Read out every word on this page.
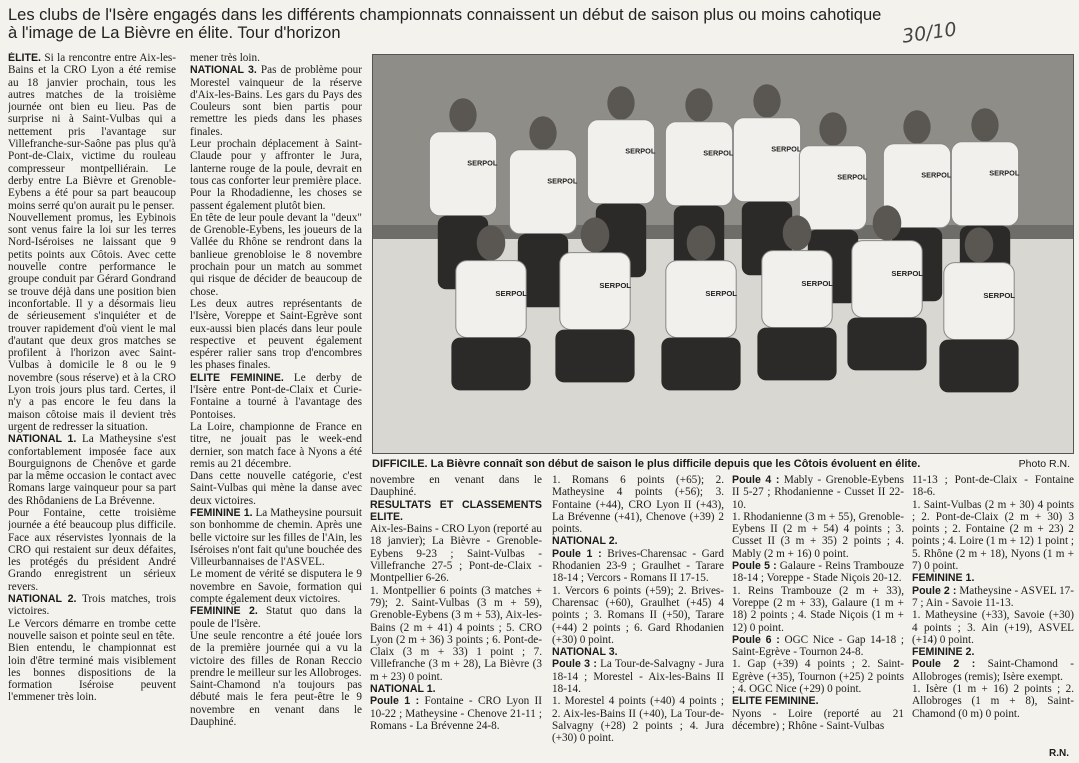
Les clubs de l'Isère engagés dans les différents championnats connaissent un début de saison plus ou moins cahotique
à l'image de La Bièvre en élite. Tour d'horizon	30/10

ÉLITE. Si la rencontre entre Aix-les-Bains et la CRO Lyon a été remise au 18 janvier prochain, tous les autres matches de la troisième journée ont bien eu lieu. Pas de surprise ni à Saint-Vulbas qui a nettement pris l'avantage sur Villefranche-sur-Saône pas plus qu'à Pont-de-Claix, victime du rouleau compresseur montpelliérain. Le derby entre La Bièvre et Grenoble-Eybens a été pour sa part beaucoup moins serré qu'on aurait pu le penser.

Nouvellement promus, les Eybinois sont venus faire la loi sur les terres Nord-Iséroises ne laissant que 9 petits points aux Côtois. Avec cette nouvelle contre performance le groupe conduit par Gérard Gondrand se trouve déjà dans une position bien inconfortable. Il y a désormais lieu de sérieusement s'inquiéter et de trouver rapidement d'où vient le mal d'autant que deux gros matches se profilent à l'horizon avec Saint-Vulbas à domicile le 8 ou le 9 novembre (sous réserve) et à la CRO Lyon trois jours plus tard. Certes, il n'y a pas encore le feu dans la maison côtoise mais il devient très urgent de redresser la situation.

NATIONAL 1. La Matheysine s'est confortablement imposée face aux Bourguignons de Chenôve et garde par la même occasion le contact avec Romans large vainqueur pour sa part des Rhôdaniens de La Brévenne.

Pour Fontaine, cette troisième journée a été beaucoup plus difficile. Face aux réservistes lyonnais de la CRO qui restaient sur deux défaites, les protégés du président André Grando enregistrent un sérieux revers.

NATIONAL 2. Trois matches, trois victoires.

Le Vercors démarre en trombe cette nouvelle saison et pointe seul en tête.

Bien entendu, le championnat est loin d'être terminé mais visiblement les bonnes dispositions de la formation Iséroise peuvent l'emmener très loin.

mener très loin.

NATIONAL 3. Pas de problème pour Morestel vainqueur de la réserve d'Aix-les-Bains. Les gars du Pays des Couleurs sont bien partis pour remettre les pieds dans les phases finales.

Leur prochain déplacement à Saint-Claude pour y affronter le Jura, lanterne rouge de la poule, devrait en tous cas conforter leur première place.

Pour la Rhodadienne, les choses se passent également plutôt bien.

En tête de leur poule devant la "deux" de Grenoble-Eybens, les joueurs de la Vallée du Rhône se rendront dans la banlieue grenobloise le 8 novembre prochain pour un match au sommet qui risque de décider de beaucoup de chose.

Les deux autres représentants de l'Isère, Voreppe et Saint-Egrève sont eux-aussi bien placés dans leur poule respective et peuvent également espérer ralier sans trop d'encombres les phases finales.

ELITE FEMININE. Le derby de l'Isère entre Pont-de-Claix et Curie-Fontaine a tourné à l'avantage des Pontoises.

La Loire, championne de France en titre, ne jouait pas le week-end dernier, son match face à Nyons a été remis au 21 décembre.

Dans cette nouvelle catégorie, c'est Saint-Vulbas qui mène la danse avec deux victoires.

FEMININE 1. La Matheysine poursuit son bonhomme de chemin. Après une belle victoire sur les filles de l'Ain, les Iséroises n'ont fait qu'une bouchée des Villeurbannaises de l'ASVEL.

Le moment de vérité se disputera le 9 novembre en Savoie, formation qui compte également deux victoires.

FEMININE 2. Statut quo dans la poule de l'Isère.

Une seule rencontre a été jouée lors de la première journée qui a vu la victoire des filles de Ronan Reccio prendre le meilleur sur les Allobroges.

Saint-Chamond n'a toujours pas débuté mais le fera peut-être le 9 novembre en venant dans le Dauphiné.

SERPOL
SERPOL
SERPOL	SERPOL	SERPOL
SERPOL	SERPOL	SERPOL
SERPOL
SERPOL
SERPOL
SERPOL
SERPOL
SERPOL
DIFFICILE. La Bièvre connaît son début de saison le plus difficile depuis que les Côtois évoluent en élite.	Photo R.N.

novembre en venant dans le Dauphiné.

RESULTATS ET CLASSEMENTS ELITE.

Aix-les-Bains - CRO Lyon (reporté au 18 janvier); La Bièvre - Grenoble-Eybens 9-23 ; Saint-Vulbas - Villefranche 27-5 ; Pont-de-Claix - Montpellier 6-26.

1. Montpellier 6 points (3 matches + 79); 2. Saint-Vulbas (3 m + 59), Grenoble-Eybens (3 m + 53), Aix-les-Bains (2 m + 41) 4 points ; 5. CRO Lyon (2 m + 36) 3 points ; 6. Pont-de-Claix (3 m + 33) 1 point ; 7. Villefranche (3 m + 28), La Bièvre (3 m + 23) 0 point.

NATIONAL 1.

Poule 1 : Fontaine - CRO Lyon II 10-22 ; Matheysine - Chenove 21-11 ; Romans - La Brévenne 24-8.

1. Romans 6 points (+65); 2. Matheysine 4 points (+56); 3. Fontaine (+44), CRO Lyon II (+43), La Brévenne (+41), Chenove (+39) 2 points.

NATIONAL 2.

Poule 1 : Brives-Charensac - Gard Rhodanien 23-9 ; Graulhet - Tarare 18-14 ; Vercors - Romans II 17-15.

1. Vercors 6 points (+59); 2. Brives-Charensac (+60), Graulhet (+45) 4 points ; 3. Romans II (+50), Tarare (+44) 2 points ; 6. Gard Rhodanien (+30) 0 point.

NATIONAL 3.

Poule 3 : La Tour-de-Salvagny - Jura 18-14 ; Morestel - Aix-les-Bains II 18-14.

1. Morestel 4 points (+40) 4 points ; 2. Aix-les-Bains II (+40), La Tour-de-Salvagny (+28) 2 points ; 4. Jura (+30) 0 point.

Poule 4 : Mably - Grenoble-Eybens II 5-27 ; Rhodanienne - Cusset II 22-10.

1. Rhodanienne (3 m + 55), Grenoble-Eybens II (2 m + 54) 4 points ; 3. Cusset II (3 m + 35) 2 points ; 4. Mably (2 m + 16) 0 point.

Poule 5 : Galaure - Reins Trambouze 18-14 ; Voreppe - Stade Niçois 20-12.

1. Reins Trambouze (2 m + 33), Voreppe (2 m + 33), Galaure (1 m + 18) 2 points ; 4. Stade Niçois (1 m + 12) 0 point.

Poule 6 : OGC Nice - Gap 14-18 ; Saint-Egrève - Tournon 24-8.

1. Gap (+39) 4 points ; 2. Saint-Egrève (+35), Tournon (+25) 2 points ; 4. OGC Nice (+29) 0 point.

ELITE FEMININE.

Nyons - Loire (reporté au 21 décembre) ; Rhône - Saint-Vulbas

11-13 ; Pont-de-Claix - Fontaine 18-6.

1. Saint-Vulbas (2 m + 30) 4 points ; 2. Pont-de-Claix (2 m + 30) 3 points ; 2. Fontaine (2 m + 23) 2 points ; 4. Loire (1 m + 12) 1 point ; 5. Rhône (2 m + 18), Nyons (1 m + 7) 0 point.

FEMININE 1.

Poule 2 : Matheysine - ASVEL 17-7 ; Ain - Savoie 11-13.

1. Matheysine (+33), Savoie (+30) 4 points ; 3. Ain (+19), ASVEL (+14) 0 point.

FEMININE 2.

Poule 2 : Saint-Chamond - Allobroges (remis); Isère exempt.

1. Isère (1 m + 16) 2 points ; 2. Allobroges (1 m + 8), Saint-Chamond (0 m) 0 point.

R.N.
